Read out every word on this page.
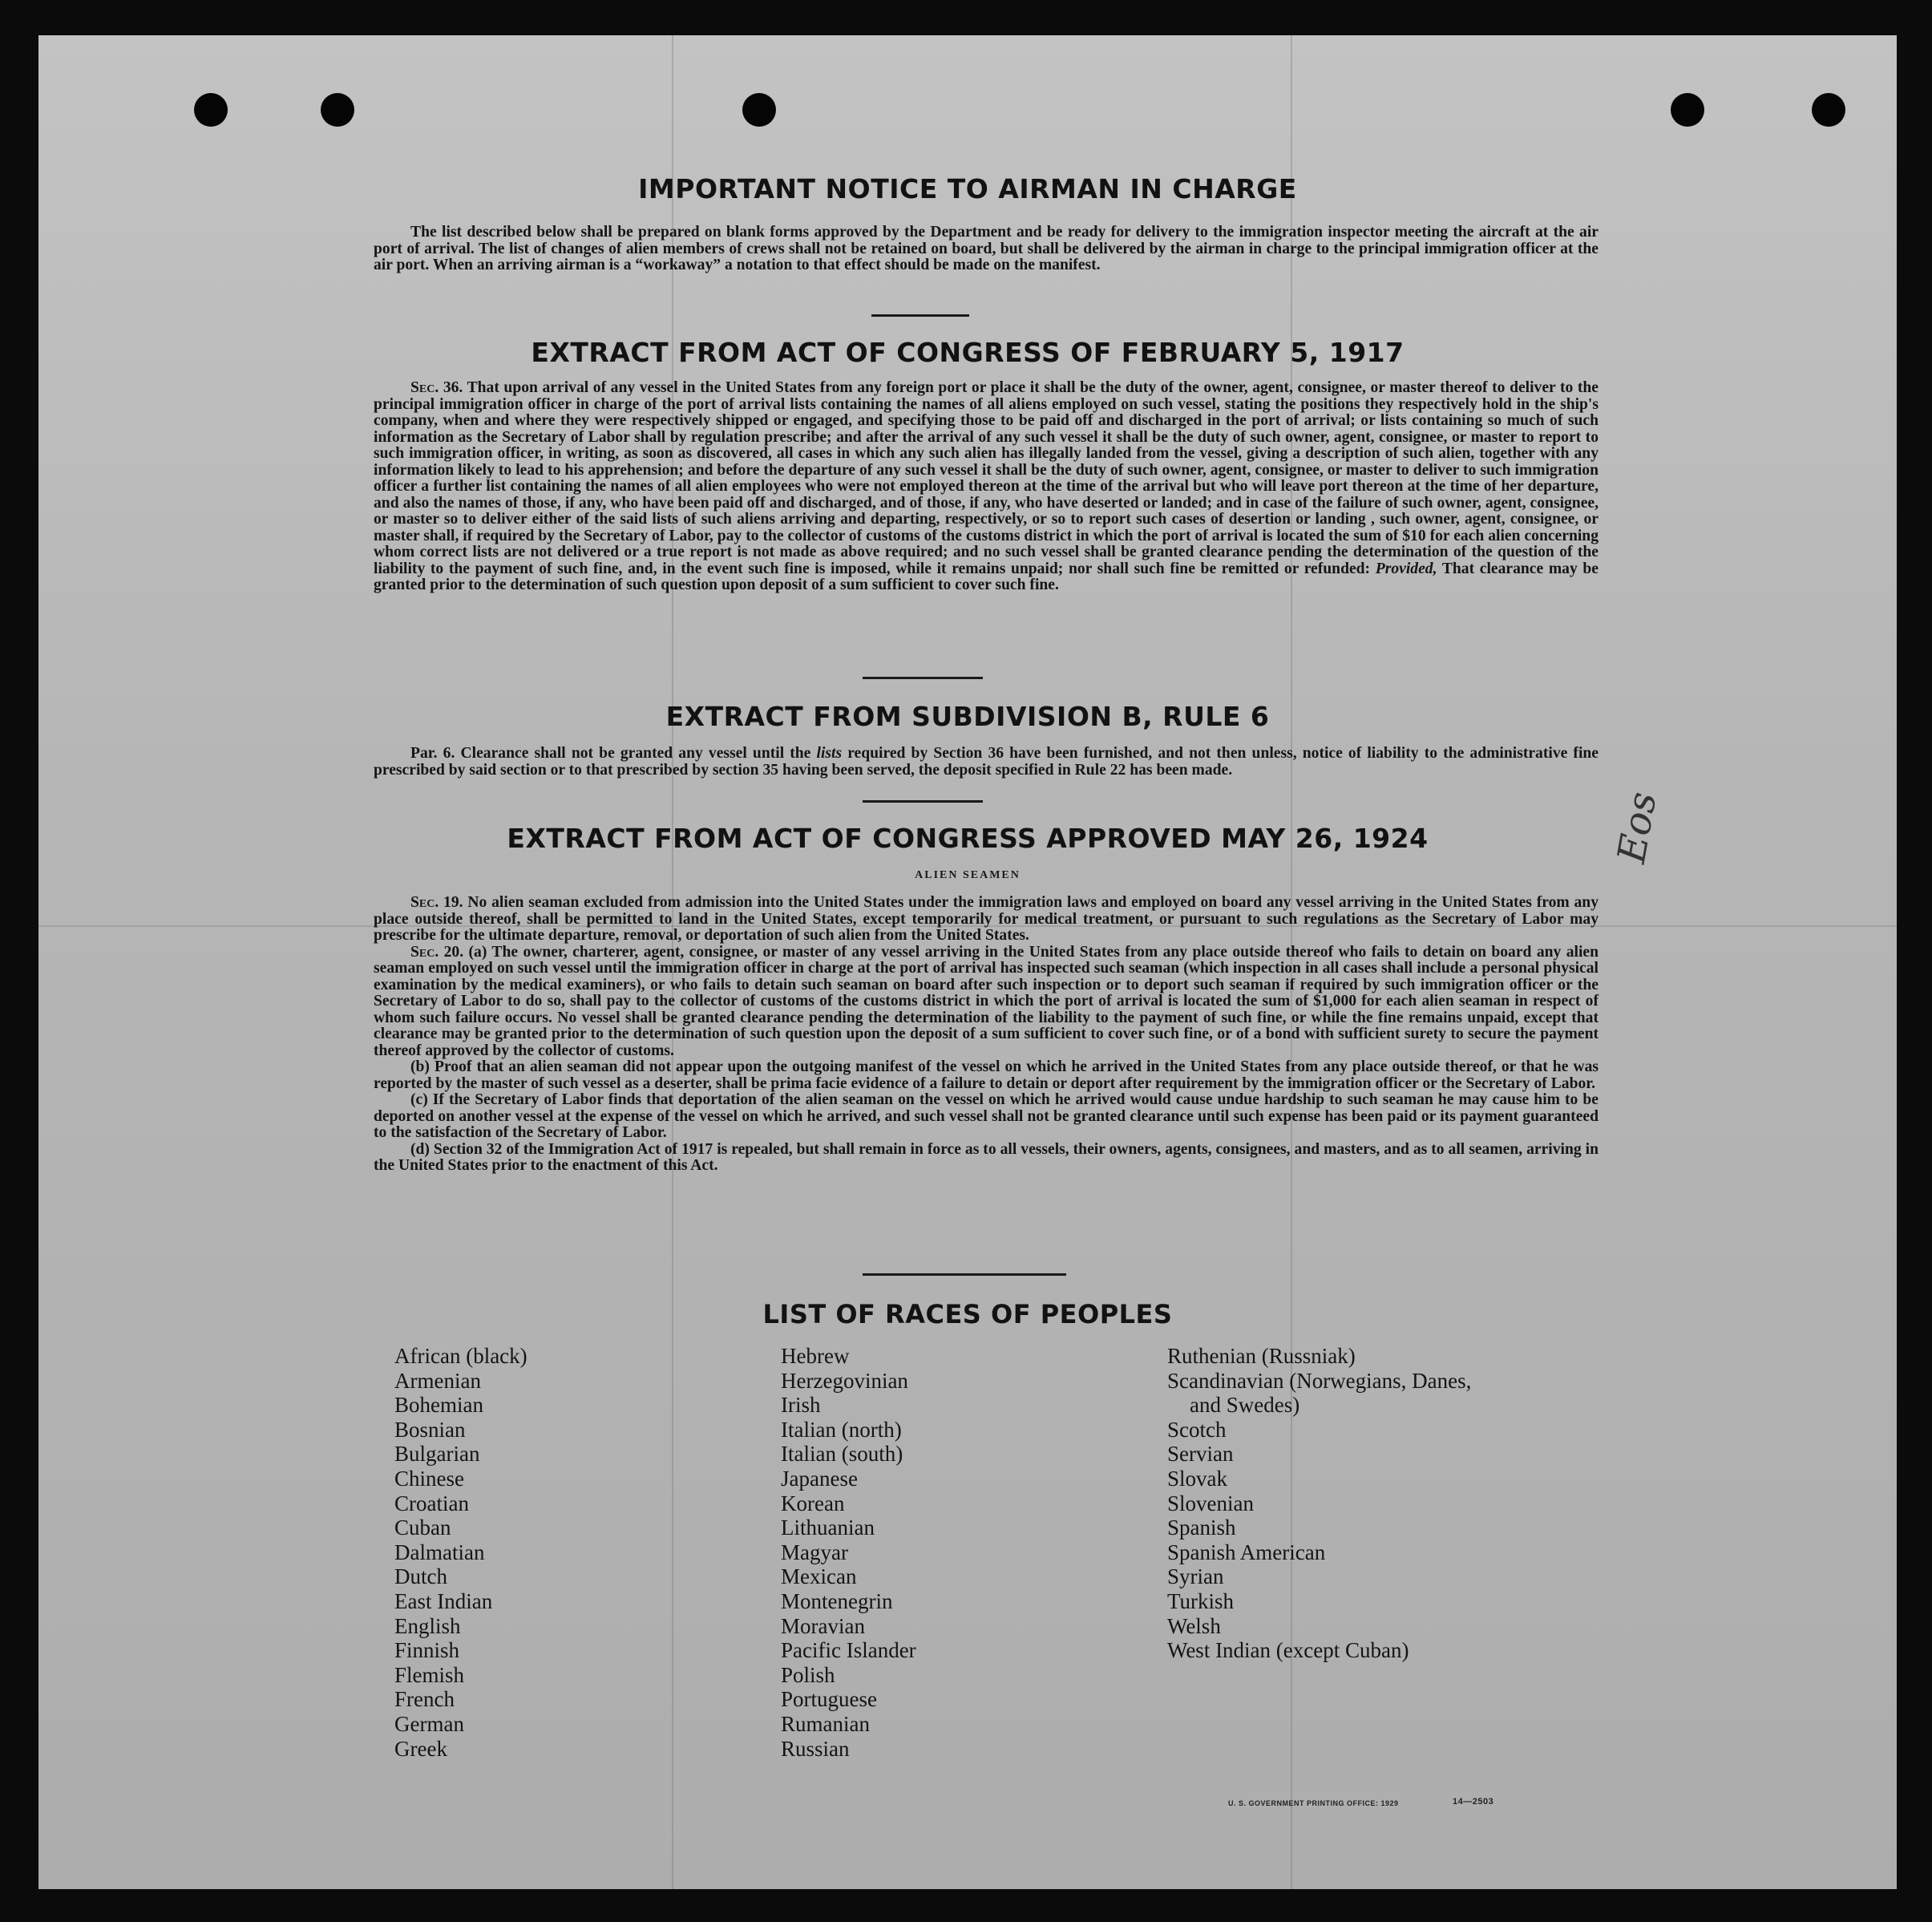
IMPORTANT NOTICE TO AIRMAN IN CHARGE

The list described below shall be prepared on blank forms approved by the Department and be ready for delivery to the immigration inspector meeting the aircraft at the air port of arrival. The list of changes of alien members of crews shall not be retained on board, but shall be delivered by the airman in charge to the principal immigration officer at the air port. When an arriving airman is a “workaway” a notation to that effect should be made on the manifest.

EXTRACT FROM ACT OF CONGRESS OF FEBRUARY 5, 1917

Sec. 36. That upon arrival of any vessel in the United States from any foreign port or place it shall be the duty of the owner, agent, consignee, or master thereof to deliver to the principal immigration officer in charge of the port of arrival lists containing the names of all aliens employed on such vessel, stating the positions they respectively hold in the ship's company, when and where they were respectively shipped or engaged, and specifying those to be paid off and discharged in the port of arrival; or lists containing so much of such information as the Secretary of Labor shall by regulation prescribe; and after the arrival of any such vessel it shall be the duty of such owner, agent, consignee, or master to report to such immigration officer, in writing, as soon as discovered, all cases in which any such alien has illegally landed from the vessel, giving a description of such alien, together with any information likely to lead to his apprehension; and before the departure of any such vessel it shall be the duty of such owner, agent, consignee, or master to deliver to such immigration officer a further list containing the names of all alien employees who were not employed thereon at the time of the arrival but who will leave port thereon at the time of her departure, and also the names of those, if any, who have been paid off and discharged, and of those, if any, who have deserted or landed; and in case of the failure of such owner, agent, consignee, or master so to deliver either of the said lists of such aliens arriving and departing, respectively, or so to report such cases of desertion or landing , such owner, agent, consignee, or master shall, if required by the Secretary of Labor, pay to the collector of customs of the customs district in which the port of arrival is located the sum of $10 for each alien concerning whom correct lists are not delivered or a true report is not made as above required; and no such vessel shall be granted clearance pending the determination of the question of the liability to the payment of such fine, and, in the event such fine is imposed, while it remains unpaid; nor shall such fine be remitted or refunded: Provided, That clearance may be granted prior to the determination of such question upon deposit of a sum sufficient to cover such fine.

EXTRACT FROM SUBDIVISION B, RULE 6

Par. 6. Clearance shall not be granted any vessel until the lists required by Section 36 have been furnished, and not then unless, notice of liability to the administrative fine prescribed by said section or to that prescribed by section 35 having been served, the deposit specified in Rule 22 has been made.

EXTRACT FROM ACT OF CONGRESS APPROVED MAY 26, 1924
ALIEN SEAMEN

Sec. 19. No alien seaman excluded from admission into the United States under the immigration laws and employed on board any vessel arriving in the United States from any place outside thereof, shall be permitted to land in the United States, except temporarily for medical treatment, or pursuant to such regulations as the Secretary of Labor may prescribe for the ultimate departure, removal, or deportation of such alien from the United States.

Sec. 20. (a) The owner, charterer, agent, consignee, or master of any vessel arriving in the United States from any place outside thereof who fails to detain on board any alien seaman employed on such vessel until the immigration officer in charge at the port of arrival has inspected such seaman (which inspection in all cases shall include a personal physical examination by the medical examiners), or who fails to detain such seaman on board after such inspection or to deport such seaman if required by such immigration officer or the Secretary of Labor to do so, shall pay to the collector of customs of the customs district in which the port of arrival is located the sum of $1,000 for each alien seaman in respect of whom such failure occurs. No vessel shall be granted clearance pending the determination of the liability to the payment of such fine, or while the fine remains unpaid, except that clearance may be granted prior to the determination of such question upon the deposit of a sum sufficient to cover such fine, or of a bond with sufficient surety to secure the payment thereof approved by the collector of customs.

(b) Proof that an alien seaman did not appear upon the outgoing manifest of the vessel on which he arrived in the United States from any place outside thereof, or that he was reported by the master of such vessel as a deserter, shall be prima facie evidence of a failure to detain or deport after requirement by the immigration officer or the Secretary of Labor.

(c) If the Secretary of Labor finds that deportation of the alien seaman on the vessel on which he arrived would cause undue hardship to such seaman he may cause him to be deported on another vessel at the expense of the vessel on which he arrived, and such vessel shall not be granted clearance until such expense has been paid or its payment guaranteed to the satisfaction of the Secretary of Labor.

(d) Section 32 of the Immigration Act of 1917 is repealed, but shall remain in force as to all vessels, their owners, agents, consignees, and masters, and as to all seamen, arriving in the United States prior to the enactment of this Act.

LIST OF RACES OF PEOPLES
African (black)
Armenian
Bohemian
Bosnian
Bulgarian
Chinese
Croatian
Cuban
Dalmatian
Dutch
East Indian
English
Finnish
Flemish
French
German
Greek
Hebrew
Herzegovinian
Irish
Italian (north)
Italian (south)
Japanese
Korean
Lithuanian
Magyar
Mexican
Montenegrin
Moravian
Pacific Islander
Polish
Portuguese
Rumanian
Russian
Ruthenian (Russniak)
Scandinavian (Norwegians, Danes,
and Swedes)
Scotch
Servian
Slovak
Slovenian
Spanish
Spanish American
Syrian
Turkish
Welsh
West Indian (except Cuban)
U. S. GOVERNMENT PRINTING OFFICE: 1929	14—2503
Eos
